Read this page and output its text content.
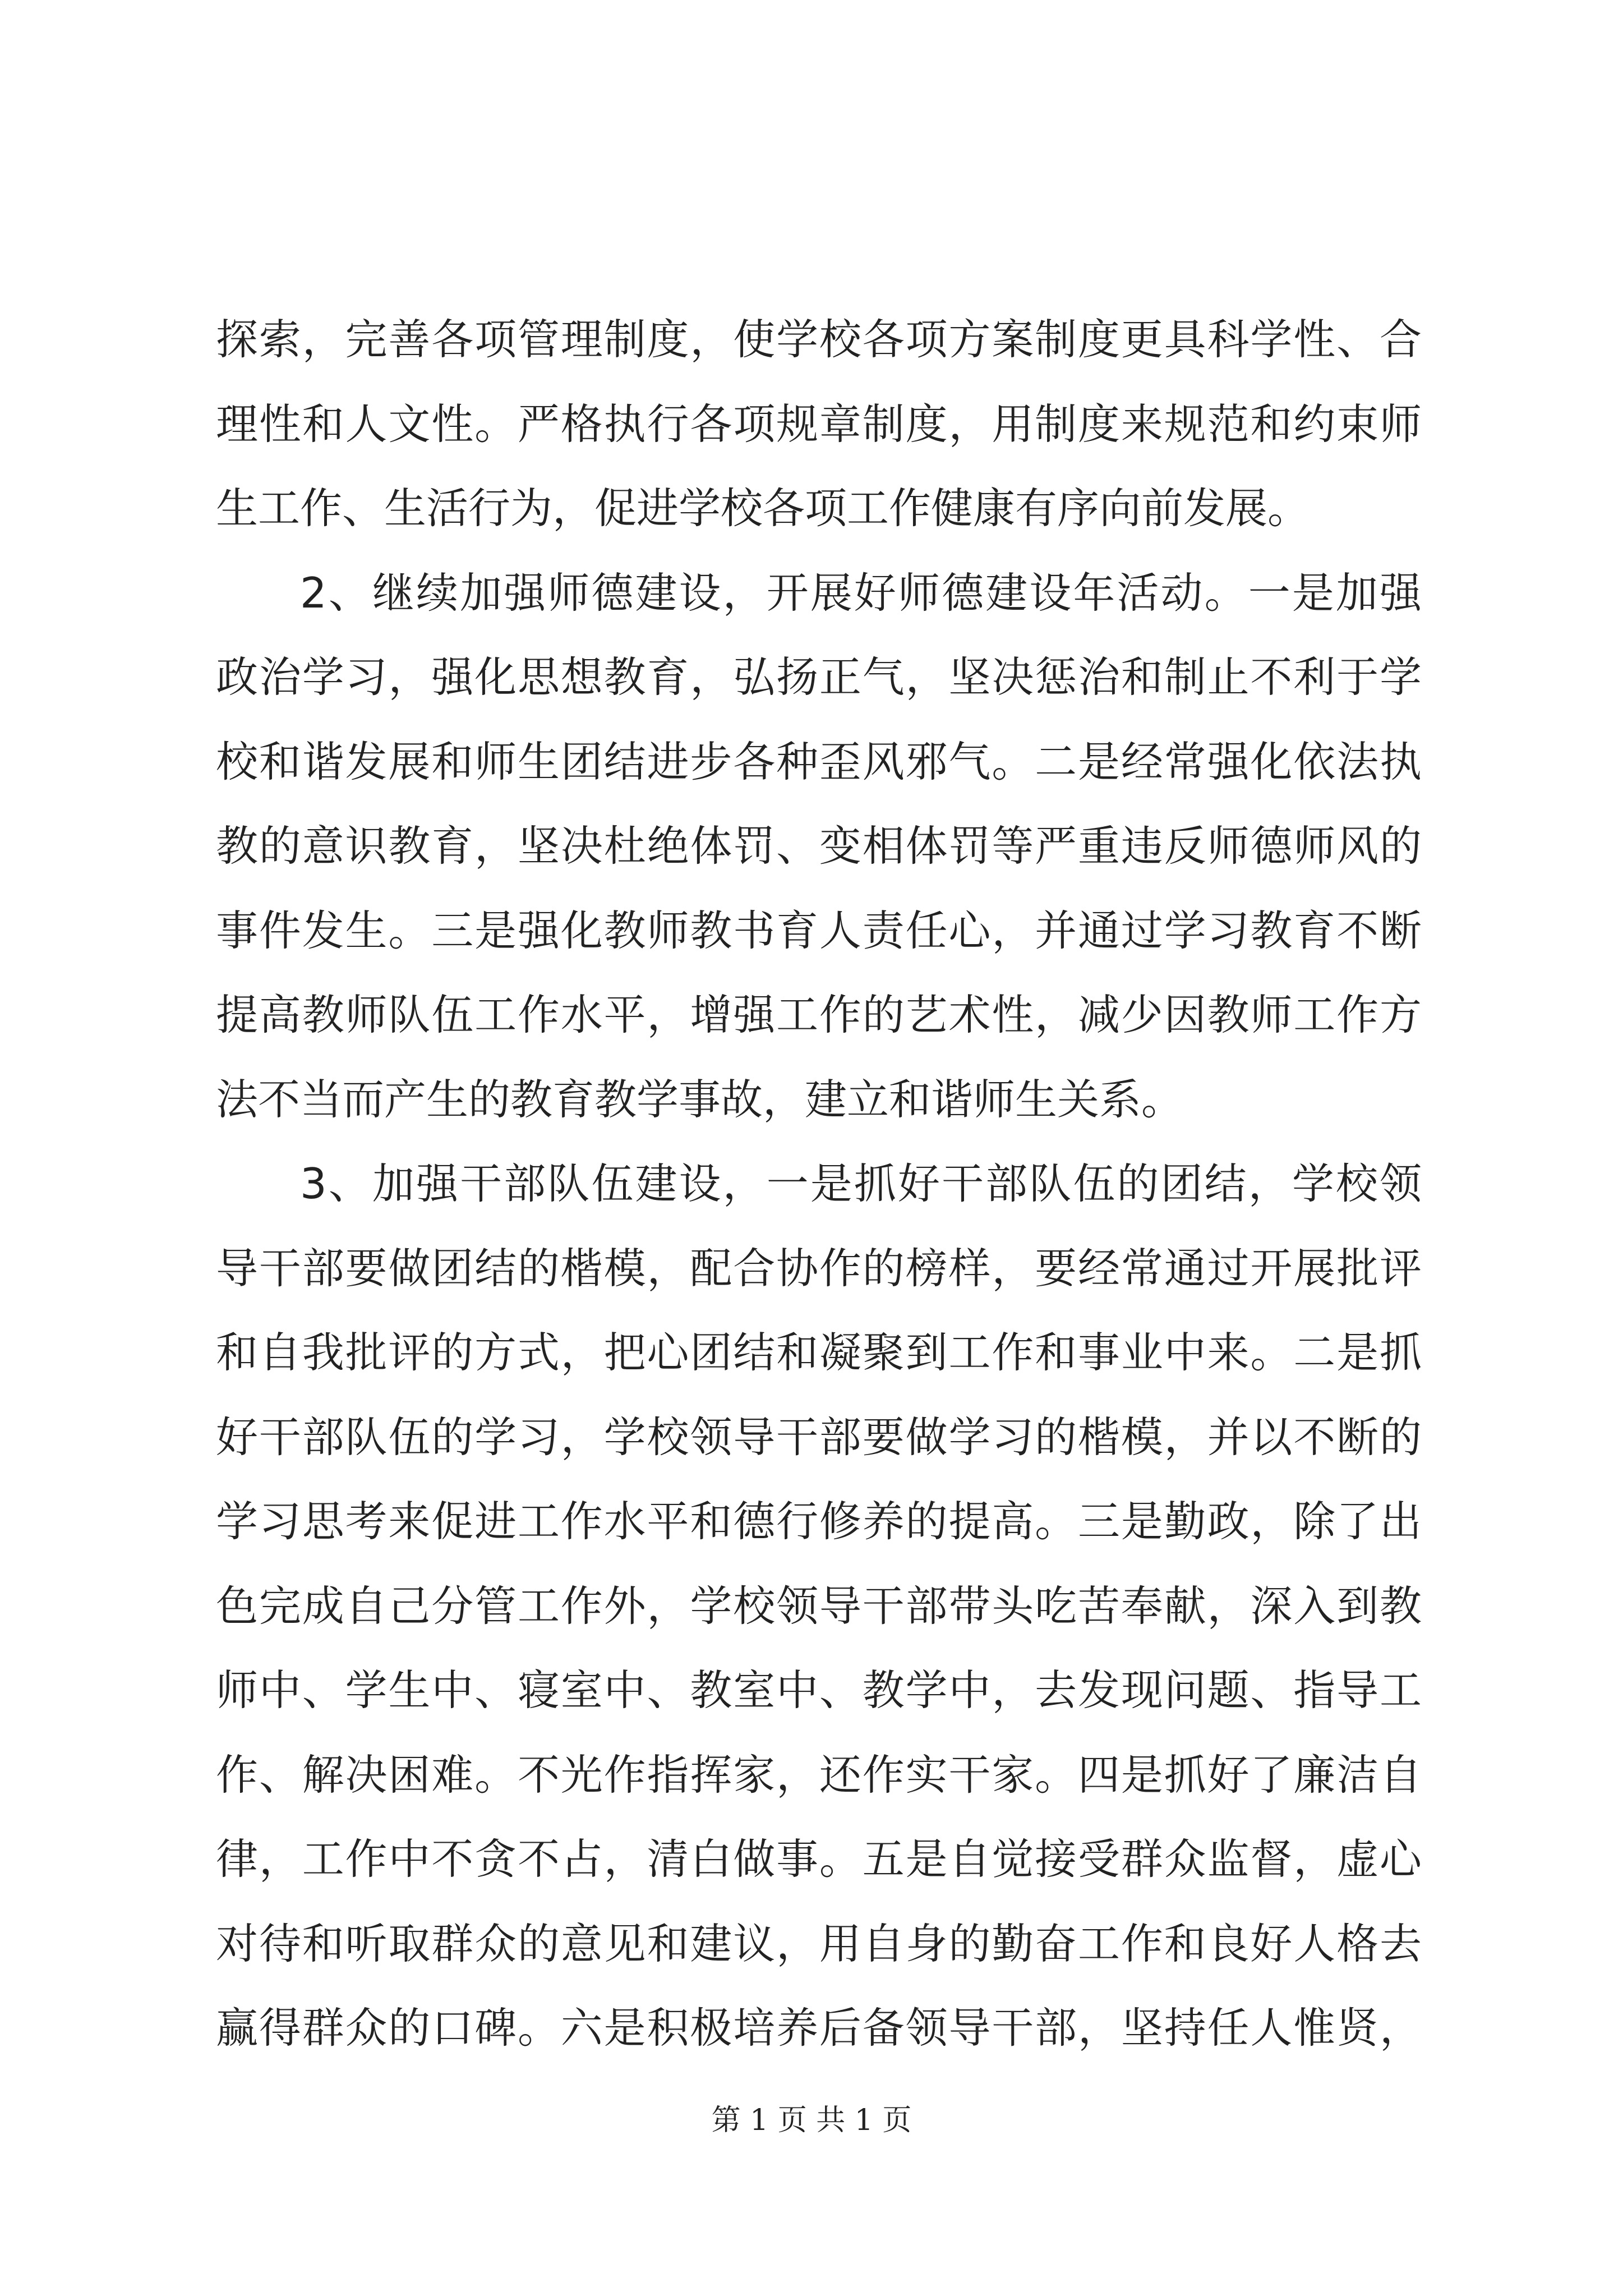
探索，完善各项管理制度，使学校各项方案制度更具科学性、合
理性和人文性。严格执行各项规章制度，用制度来规范和约束师
生工作、生活行为，促进学校各项工作健康有序向前发展。
2、继续加强师德建设，开展好师德建设年活动。一是加强
政治学习，强化思想教育，弘扬正气，坚决惩治和制止不利于学
校和谐发展和师生团结进步各种歪风邪气。二是经常强化依法执
教的意识教育，坚决杜绝体罚、变相体罚等严重违反师德师风的
事件发生。三是强化教师教书育人责任心，并通过学习教育不断
提高教师队伍工作水平，增强工作的艺术性，减少因教师工作方
法不当而产生的教育教学事故，建立和谐师生关系。
3、加强干部队伍建设，一是抓好干部队伍的团结，学校领
导干部要做团结的楷模，配合协作的榜样，要经常通过开展批评
和自我批评的方式，把心团结和凝聚到工作和事业中来。二是抓
好干部队伍的学习，学校领导干部要做学习的楷模，并以不断的
学习思考来促进工作水平和德行修养的提高。三是勤政，除了出
色完成自己分管工作外，学校领导干部带头吃苦奉献，深入到教
师中、学生中、寝室中、教室中、教学中，去发现问题、指导工
作、解决困难。不光作指挥家，还作实干家。四是抓好了廉洁自
律，工作中不贪不占，清白做事。五是自觉接受群众监督，虚心
对待和听取群众的意见和建议，用自身的勤奋工作和良好人格去
赢得群众的口碑。六是积极培养后备领导干部，坚持任人惟贤，
第 1 页 共 1 页
